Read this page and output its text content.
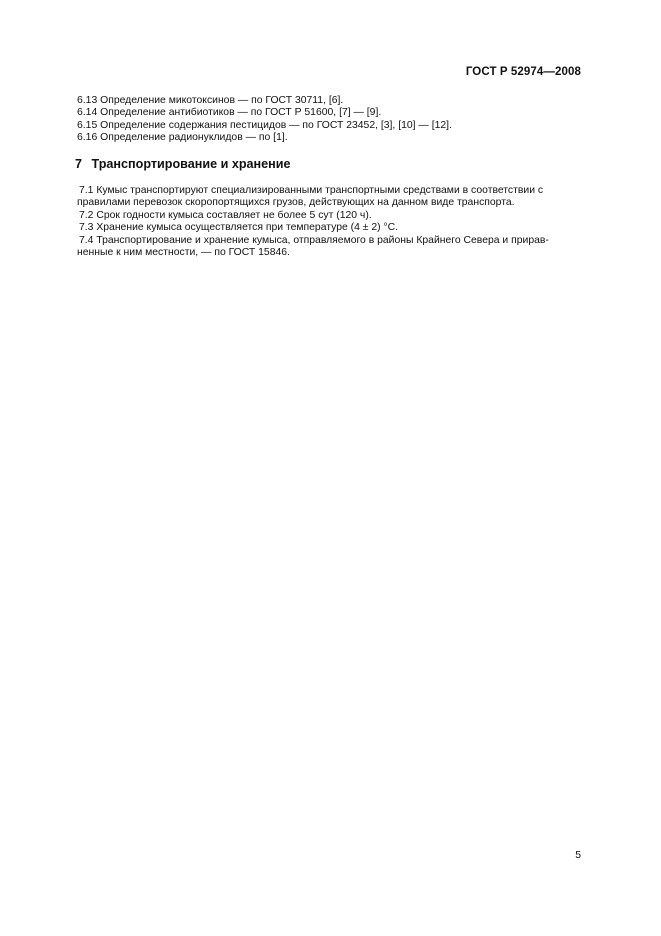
ГОСТ Р 52974—2008

6.13 Определение микотоксинов — по ГОСТ 30711, [6].

6.14 Определение антибиотиков — по ГОСТ Р 51600, [7] — [9].

6.15 Определение содержания пестицидов — по ГОСТ 23452, [3], [10] — [12].

6.16 Определение радионуклидов — по [1].

7 Транспортирование и хранение

7.1 Кумыс транспортируют специализированными транспортными средствами в соответствии с

правилами перевозок скоропортящихся грузов, действующих на данном виде транспорта.

7.2 Срок годности кумыса составляет не более 5 сут (120 ч).

7.3 Хранение кумыса осуществляется при температуре (4 ± 2) °С.

7.4 Транспортирование и хранение кумыса, отправляемого в районы Крайнего Севера и прирав-

ненные к ним местности, — по ГОСТ 15846.

5
